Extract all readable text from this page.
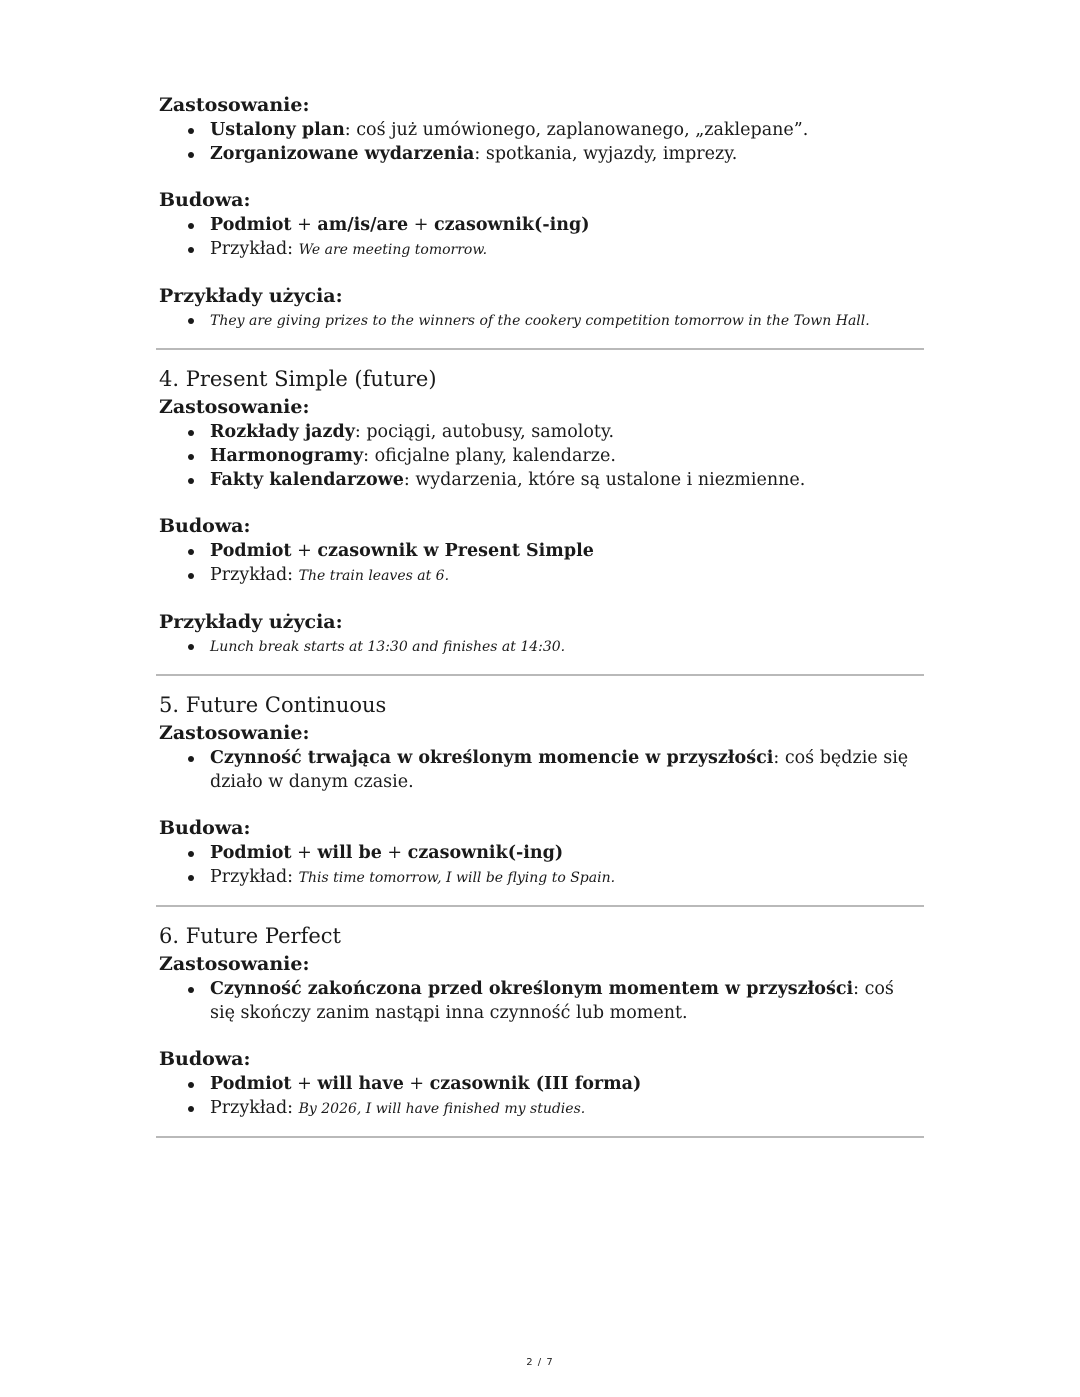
Zastosowanie:

Ustalony plan: coś już umówionego, zaplanowanego, „zaklepane”.
Zorganizowane wydarzenia: spotkania, wyjazdy, imprezy.

Budowa:

Podmiot + am/is/are + czasownik(-ing)
Przykład: We are meeting tomorrow.

Przykłady użycia:

They are giving prizes to the winners of the cookery competition tomorrow in the Town Hall.
4. Present Simple (future)

Zastosowanie:

Rozkłady jazdy: pociągi, autobusy, samoloty.
Harmonogramy: oficjalne plany, kalendarze.
Fakty kalendarzowe: wydarzenia, które są ustalone i niezmienne.

Budowa:

Podmiot + czasownik w Present Simple
Przykład: The train leaves at 6.

Przykłady użycia:

Lunch break starts at 13:30 and finishes at 14:30.
5. Future Continuous

Zastosowanie:

Czynność trwająca w określonym momencie w przyszłości: coś będzie się działo w danym czasie.

Budowa:

Podmiot + will be + czasownik(-ing)
Przykład: This time tomorrow, I will be flying to Spain.
6. Future Perfect

Zastosowanie:

Czynność zakończona przed określonym momentem w przyszłości: coś się skończy zanim nastąpi inna czynność lub moment.

Budowa:

Podmiot + will have + czasownik (III forma)
Przykład: By 2026, I will have finished my studies.
2 / 7
